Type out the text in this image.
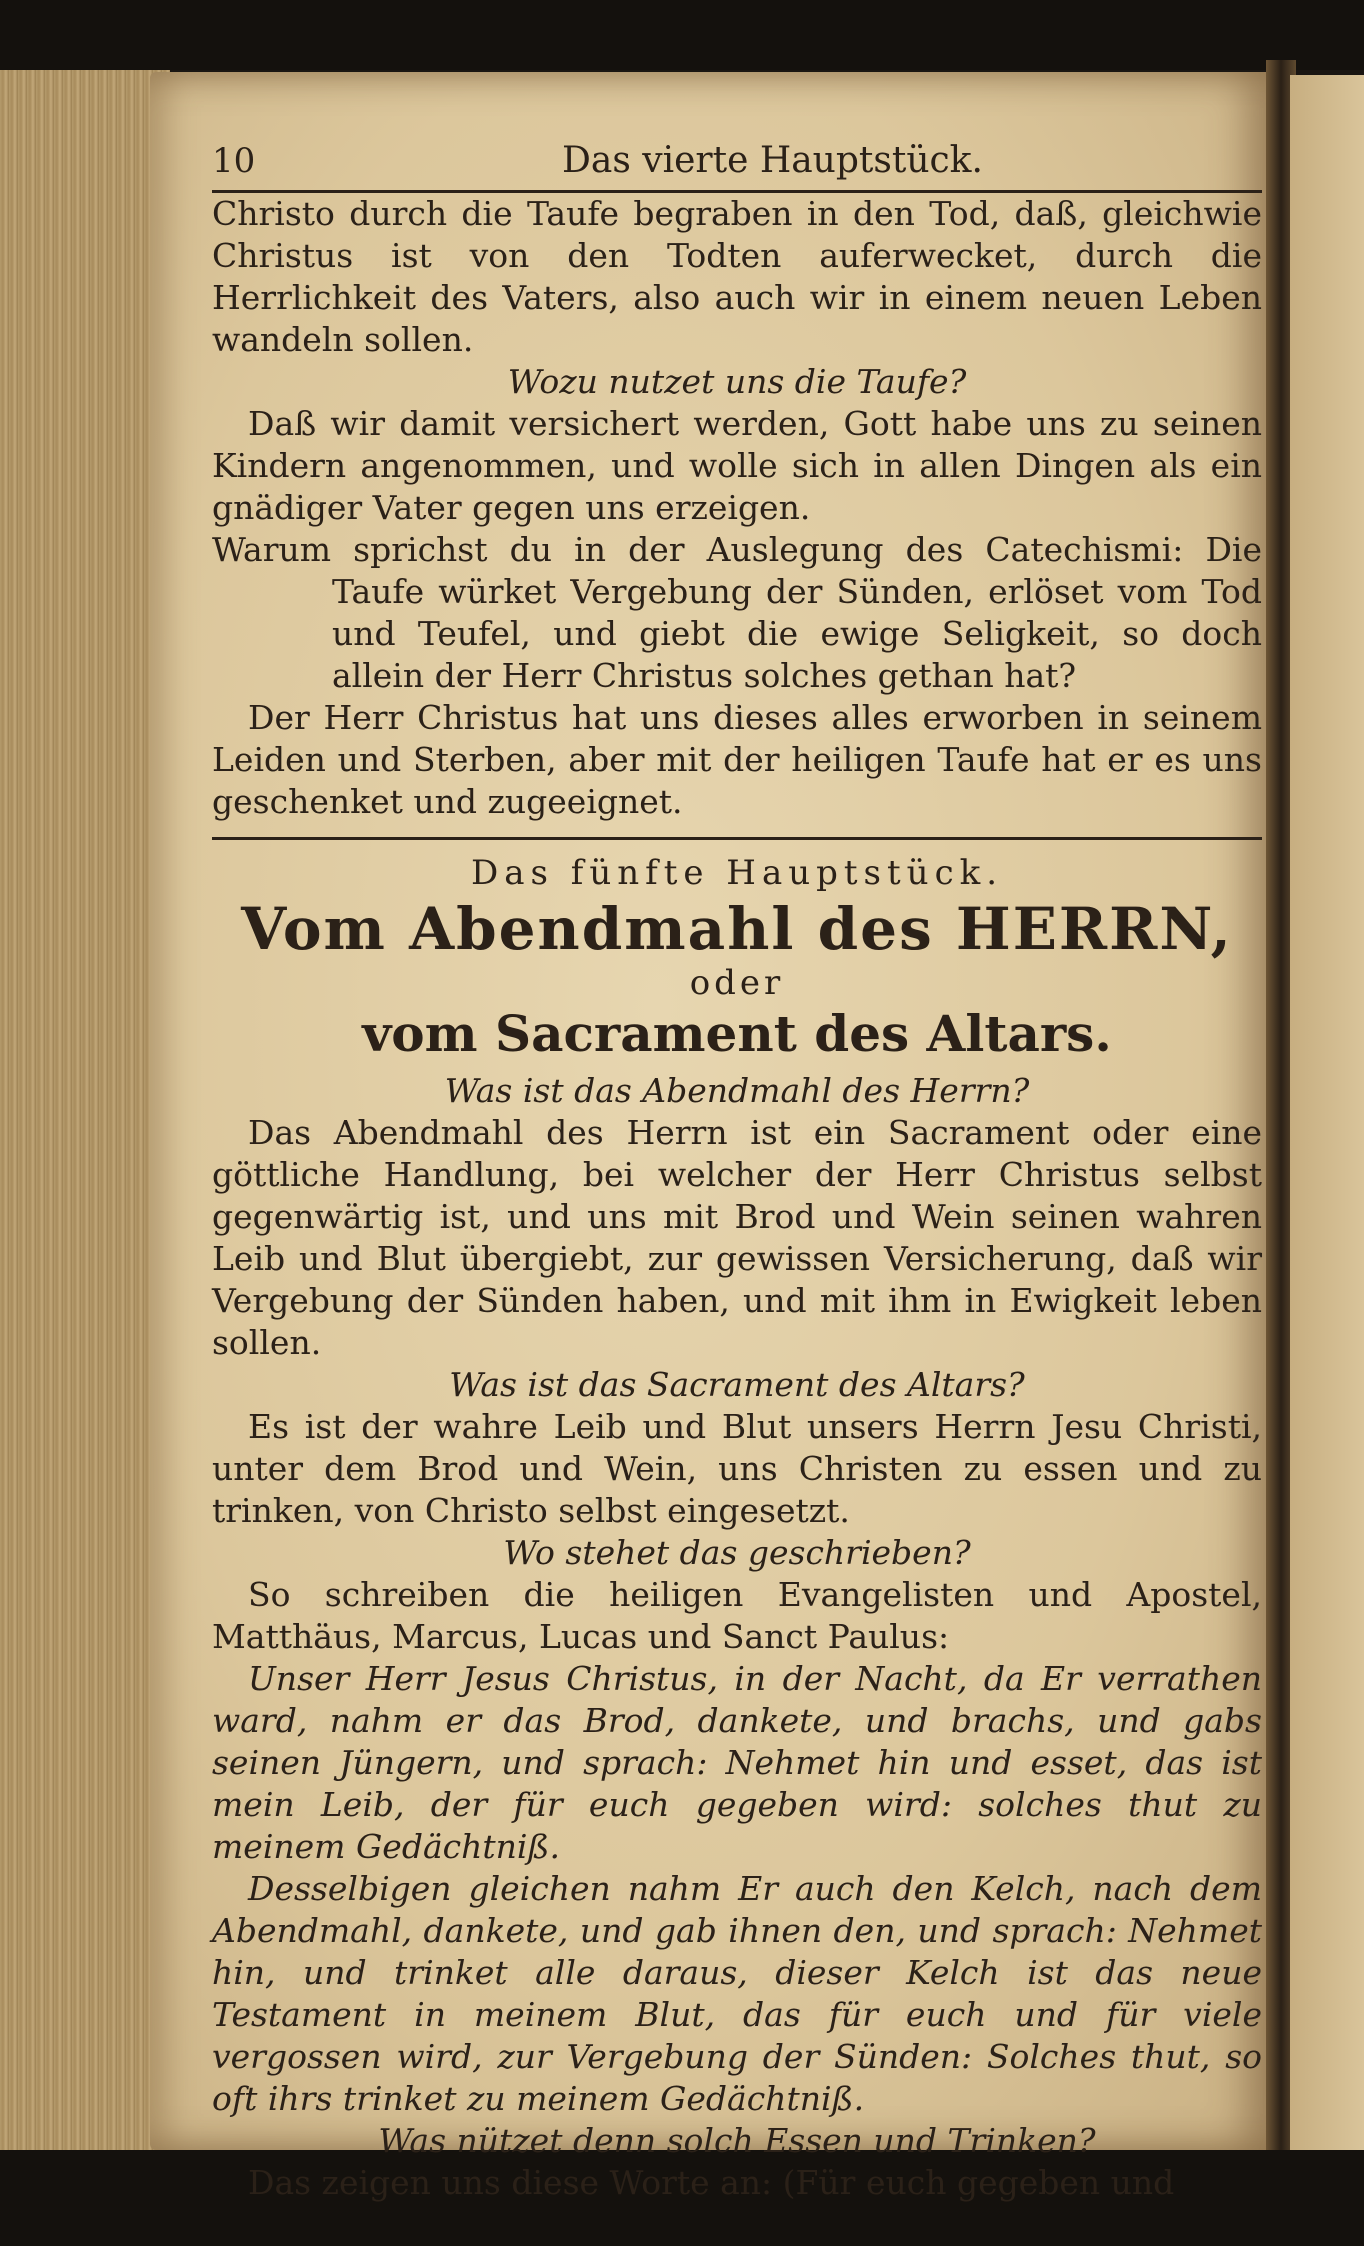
10	Das vierte Hauptstück.

Christo durch die Taufe begraben in den Tod, daß, gleichwie Christus ist von den Todten auferwecket, durch die Herrlichkeit des Vaters, also auch wir in einem neuen Leben wandeln sollen.

Wozu nutzet uns die Taufe?

Daß wir damit versichert werden, Gott habe uns zu seinen Kindern angenommen, und wolle sich in allen Dingen als ein gnädiger Vater gegen uns erzeigen.

Warum sprichst du in der Auslegung des Catechismi: Die Taufe würket Vergebung der Sünden, erlöset vom Tod und Teufel, und giebt die ewige Seligkeit, so doch allein der Herr Christus solches gethan hat?

Der Herr Christus hat uns dieses alles erworben in seinem Leiden und Sterben, aber mit der heiligen Taufe hat er es uns geschenket und zugeeignet.

Das fünfte Hauptstück.

Vom Abendmahl des HERRN,

oder

vom Sacrament des Altars.

Was ist das Abendmahl des Herrn?

Das Abendmahl des Herrn ist ein Sacrament oder eine göttliche Handlung, bei welcher der Herr Christus selbst gegenwärtig ist, und uns mit Brod und Wein seinen wahren Leib und Blut übergiebt, zur gewissen Versicherung, daß wir Vergebung der Sünden haben, und mit ihm in Ewigkeit leben sollen.

Was ist das Sacrament des Altars?

Es ist der wahre Leib und Blut unsers Herrn Jesu Christi, unter dem Brod und Wein, uns Christen zu essen und zu trinken, von Christo selbst eingesetzt.

Wo stehet das geschrieben?

So schreiben die heiligen Evangelisten und Apostel, Matthäus, Marcus, Lucas und Sanct Paulus:

Unser Herr Jesus Christus, in der Nacht, da Er verrathen ward, nahm er das Brod, dankete, und brachs, und gabs seinen Jüngern, und sprach: Nehmet hin und esset, das ist mein Leib, der für euch gegeben wird: solches thut zu meinem Gedächtniß.

Desselbigen gleichen nahm Er auch den Kelch, nach dem Abendmahl, dankete, und gab ihnen den, und sprach: Nehmet hin, und trinket alle daraus, dieser Kelch ist das neue Testament in meinem Blut, das für euch und für viele vergossen wird, zur Vergebung der Sünden: Solches thut, so oft ihrs trinket zu meinem Gedächtniß.

Was nützet denn solch Essen und Trinken?

Das zeigen uns diese Worte an: (Für euch gegeben und
